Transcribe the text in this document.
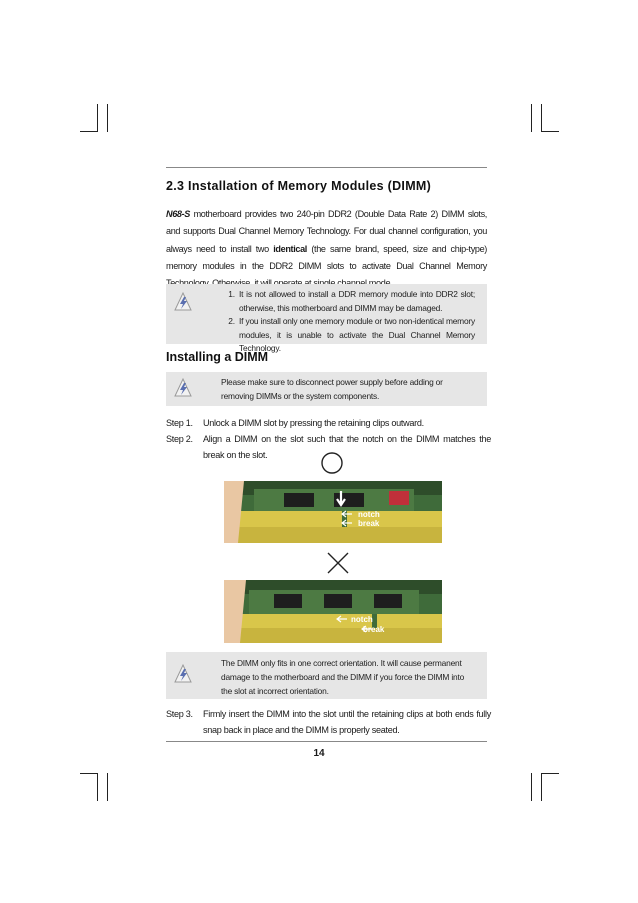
2.3 Installation of Memory Modules (DIMM)
N68-S motherboard provides two 240-pin DDR2 (Double Data Rate 2) DIMM slots, and supports Dual Channel Memory Technology. For dual channel configuration, you always need to install two identical (the same brand, speed, size and chip-type) memory modules in the DDR2 DIMM slots to activate Dual Channel Memory
1. It is not allowed to install a DDR memory module into DDR2 slot; otherwise, this motherboard and DIMM may be damaged.
2. If you install only one memory module or two non-identical memory modules, it is unable to activate the Dual Channel Memory Technology.
Installing a DIMM
Please make sure to disconnect power supply before adding or removing DIMMs or the system components.
Step 1. Unlock a DIMM slot by pressing the retaining clips outward.
Step 2. Align a DIMM on the slot such that the notch on the DIMM matches the break on the slot.
notch
break
notch
break
The DIMM only fits in one correct orientation. It will cause permanent damage to the motherboard and the DIMM if you force the DIMM into the slot at incorrect orientation.
Step 3. Firmly insert the DIMM into the slot until the retaining clips at both ends fully snap back in place and the DIMM is properly seated.
14
